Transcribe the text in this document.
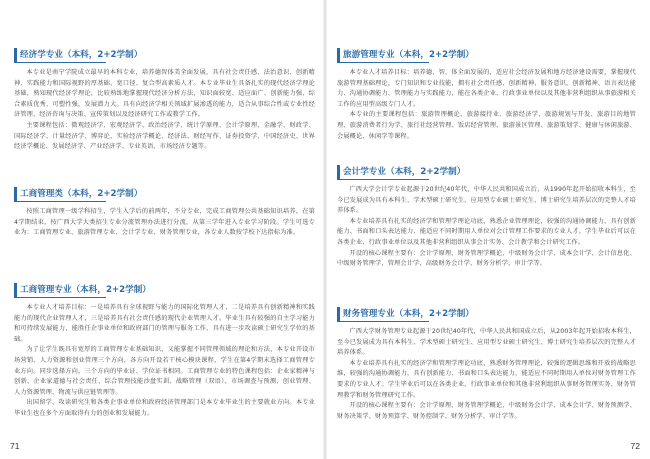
经济学专业（本科，2+2学制）

本专业是南宁学院成立最早的本科专业，培养德智体美全面发展，具有社会责任感、法治意识、创新精神、实践能力和国际视野的厚基础、宽口径、复合型高素质人才。本专业毕业生具备扎实的现代经济学理论基础，熟知现代经济学理论，比较熟练地掌握现代经济分析方法，知识面较宽、适应面广、创新能力强、综合素质优秀、可塑性强，发展潜力大。具有向经济学相关领域扩展渗透的能力，适合从事综合性或专业性经济管理、经济咨询与决策、宣传策划以及经济研究工作或教学工作。

主要课程包括：微观经济学、宏观经济学、政治经济学、统计学原理、会计学原理、金融学、财政学、国际经济学、计量经济学、博弈论、实验经济学概论、经济法、财经写作、证券投资学、中国经济史、世界经济学概论、发展经济学、产业经济学、专业英语、市场经济专题等。

工商管理类（本科，2+2学制）

按照工商管理一级学科招生，学生入学后的前两年，不分专业，完成工商管理公共基础知识培养，在第4学期结束，按广西大学大类招生专业分流管理办法进行分流，从第三学年进入专业学习阶段。学生可选专业为：工商管理专业、旅游管理专业、会计学专业、财务管理专业，各专业人数按学校下达指标为准。

工商管理专业（本科，2+2学制）

本专业人才培养目标：一是培养具有全球视野与能力的国际化管理人才，二是培养具有创新精神和实践能力的现代企业管理人才，三是培养具有社会责任感的现代企业管理人才。毕业生具有较强的自主学习能力和可持续发展能力，能胜任企事业单位和政府部门的管理与服务工作，具有进一步攻读硕士研究生学位的基础。

为了让学生既具有宽厚的工商管理专业基础知识，又能掌握不同管理领域的理论和方法，本专业开设市场营销、人力资源和创业管理三个方向，各方向开设若干核心模块课程，学生在第4学期末选择工商管理专业方向。同步选择方向，三个方向的毕业证、学位证书相同。工商管理专业的特色课程包括：企业家精神与创新、企业家道德与社会责任、综合管理技能沙盘实训、战略管理（双语）、市场调查与预测、创业管理、人力资源管理、物流与供应链管理等。

出国留学、攻读研究生和各类企事业单位和政府经济管理部门是本专业毕业生的主要就业方向。本专业毕业生也在多个方面取得有力的创业和发展能力。

71
旅游管理专业（本科，2+2学制）

本专业人才培养目标：培养德、智、体全面发展的，适应社会经济发展和地方经济建设需要，掌握现代旅游管理基础理论，专门知识和专业技能，拥有社会责任感、创新精神、服务意识、创新精神、语言表达能力、沟通协调能力、管理能力与实践能力，能在各类企业、行政事业单位以及其他非营利组织从事旅游相关工作的应用型高级专门人才。

本专业的主要课程包括：旅游管理概论、旅游接待业、旅游经济学、旅游规划与开发、旅游目的地管理、旅游消费者行为学、旅行社经营管理、饭店经营管理、旅游景区管理、旅游策划学、健康与休闲旅游、会展概论、休闲学等课程。

会计学专业（本科，2+2学制）

广西大学会计学专业起源于20世纪40年代，中华人民共和国成立后，从1990年起开始招收本科生，至今已发展成为具有本科生、学术型硕士研究生、应用型专业硕士研究生、博士研究生培养层次的完整人才培养体系。

本专业培养具有扎实的经济学和管理学理论功底，熟悉企业管理理论，较强的沟通协调能力，具有创新能力、书面和口头表达能力、能适应不同时期用人单位对会计管理工作要求的专业人才。学生毕业后可以在各类企业、行政事业单位以及其他非营利组织从事会计实务、会计教学和会计研究工作。

开设的核心课程主要有：会计学原理、财务管理学概论、中级财务会计学、成本会计学、会计信息化、中级财务管理学、管理会计学、高级财务会计学、财务分析学、审计学等。

财务管理专业（本科，2+2学制）

广西大学财务管理专业起源于20世纪40年代，中华人民共和国成立后，从2003年起开始招收本科生，至今已发展成为具有本科生、学术型硕士研究生、应用型专业硕士研究生、博士研究生培养层次的完整人才培养体系。

本专业培养具有扎实的经济学和管理学理论功底，熟悉财务管理理论，较强的逻辑思维和开放的战略思维，较强的沟通协调能力，具有创新能力、书面和口头表达能力，能适应不同时期用人单位对财务管理工作要求的专业人才。学生毕业后可以在各类企业、行政事业单位和其他非营利组织从事财务管理实务、财务管理教学和财务管理研究工作。

开设的核心课程主要有：会计学原理、财务管理学概论、中级财务会计学、成本会计学、财务预测学、财务决策学、财务预算学、财务控制学、财务分析学、审计学等。

72
